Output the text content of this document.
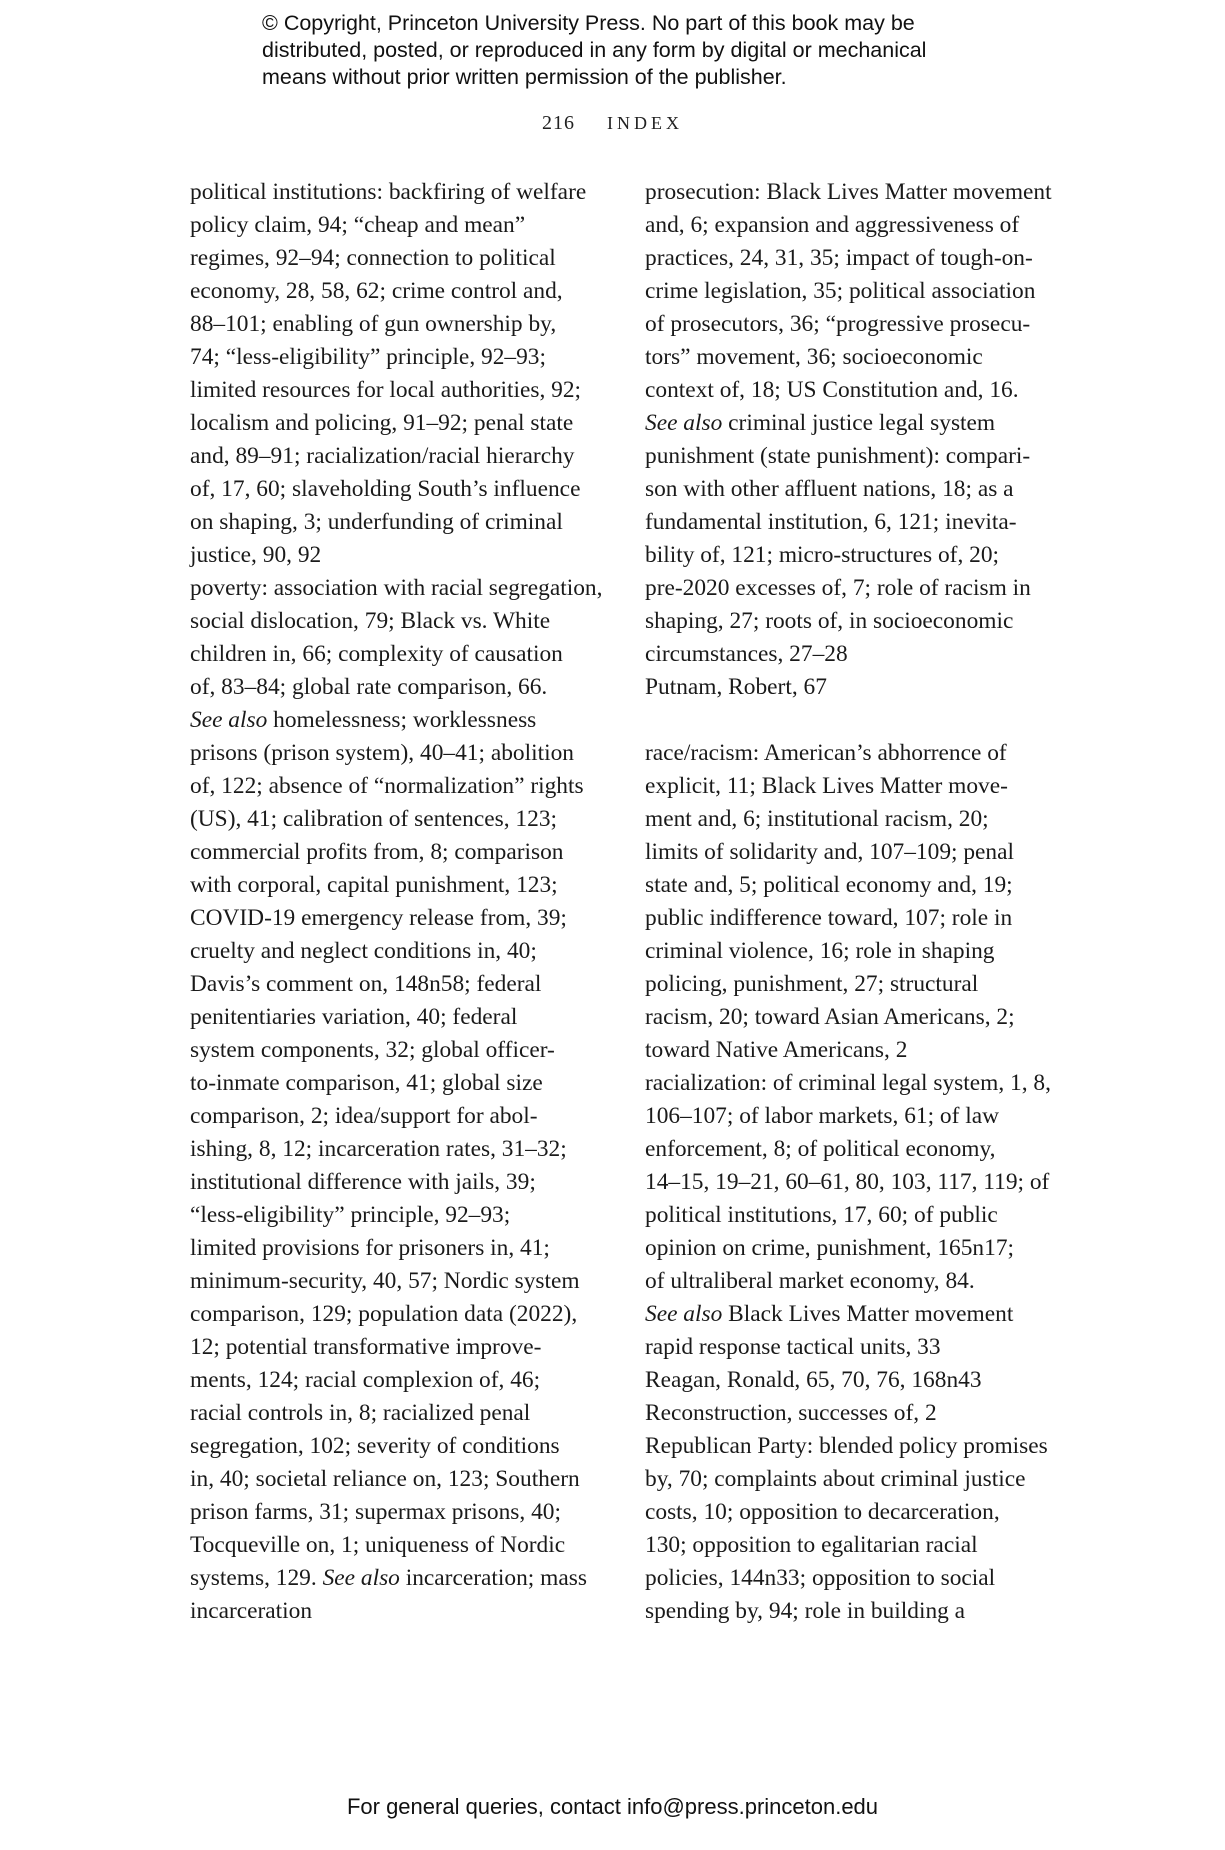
© Copyright, Princeton University Press. No part of this book may be

distributed, posted, or reproduced in any form by digital or mechanical

means without prior written permission of the publisher.

216 INDEX
political institutions: backfiring of welfare
policy claim, 94; “cheap and mean”
regimes, 92–94; connection to political
economy, 28, 58, 62; crime control and,
88–101; enabling of gun ownership by,
74; “less-eligibility” principle, 92–93;
limited resources for local authorities, 92;
localism and policing, 91–92; penal state
and, 89–91; racialization/racial hierarchy
of, 17, 60; slaveholding South’s influence
on shaping, 3; underfunding of criminal
justice, 90, 92
poverty: association with racial segregation,
social dislocation, 79; Black vs. White
children in, 66; complexity of causation
of, 83–84; global rate comparison, 66.
See also homelessness; worklessness
prisons (prison system), 40–41; abolition
of, 122; absence of “normalization” rights
(US), 41; calibration of sentences, 123;
commercial profits from, 8; comparison
with corporal, capital punishment, 123;
COVID-19 emergency release from, 39;
cruelty and neglect conditions in, 40;
Davis’s comment on, 148n58; federal
penitentiaries variation, 40; federal
system components, 32; global officer-
to-inmate comparison, 41; global size
comparison, 2; idea/support for abol-
ishing, 8, 12; incarceration rates, 31–32;
institutional difference with jails, 39;
“less-eligibility” principle, 92–93;
limited provisions for prisoners in, 41;
minimum-security, 40, 57; Nordic system
comparison, 129; population data (2022),
12; potential transformative improve-
ments, 124; racial complexion of, 46;
racial controls in, 8; racialized penal
segregation, 102; severity of conditions
in, 40; societal reliance on, 123; Southern
prison farms, 31; supermax prisons, 40;
Tocqueville on, 1; uniqueness of Nordic
systems, 129. See also incarceration; mass
incarceration
prosecution: Black Lives Matter movement
and, 6; expansion and aggressiveness of
practices, 24, 31, 35; impact of tough-on-
crime legislation, 35; political association
of prosecutors, 36; “progressive prosecu-
tors” movement, 36; socioeconomic
context of, 18; US Constitution and, 16.
See also criminal justice legal system
punishment (state punishment): compari-
son with other affluent nations, 18; as a
fundamental institution, 6, 121; inevita-
bility of, 121; micro-structures of, 20;
pre-2020 excesses of, 7; role of racism in
shaping, 27; roots of, in socioeconomic
circumstances, 27–28
Putnam, Robert, 67
race/racism: American’s abhorrence of
explicit, 11; Black Lives Matter move-
ment and, 6; institutional racism, 20;
limits of solidarity and, 107–109; penal
state and, 5; political economy and, 19;
public indifference toward, 107; role in
criminal violence, 16; role in shaping
policing, punishment, 27; structural
racism, 20; toward Asian Americans, 2;
toward Native Americans, 2
racialization: of criminal legal system, 1, 8,
106–107; of labor markets, 61; of law
enforcement, 8; of political economy,
14–15, 19–21, 60–61, 80, 103, 117, 119; of
political institutions, 17, 60; of public
opinion on crime, punishment, 165n17;
of ultraliberal market economy, 84.
See also Black Lives Matter movement
rapid response tactical units, 33
Reagan, Ronald, 65, 70, 76, 168n43
Reconstruction, successes of, 2
Republican Party: blended policy promises
by, 70; complaints about criminal justice
costs, 10; opposition to decarceration,
130; opposition to egalitarian racial
policies, 144n33; opposition to social
spending by, 94; role in building a
For general queries, contact info@press.princeton.edu
